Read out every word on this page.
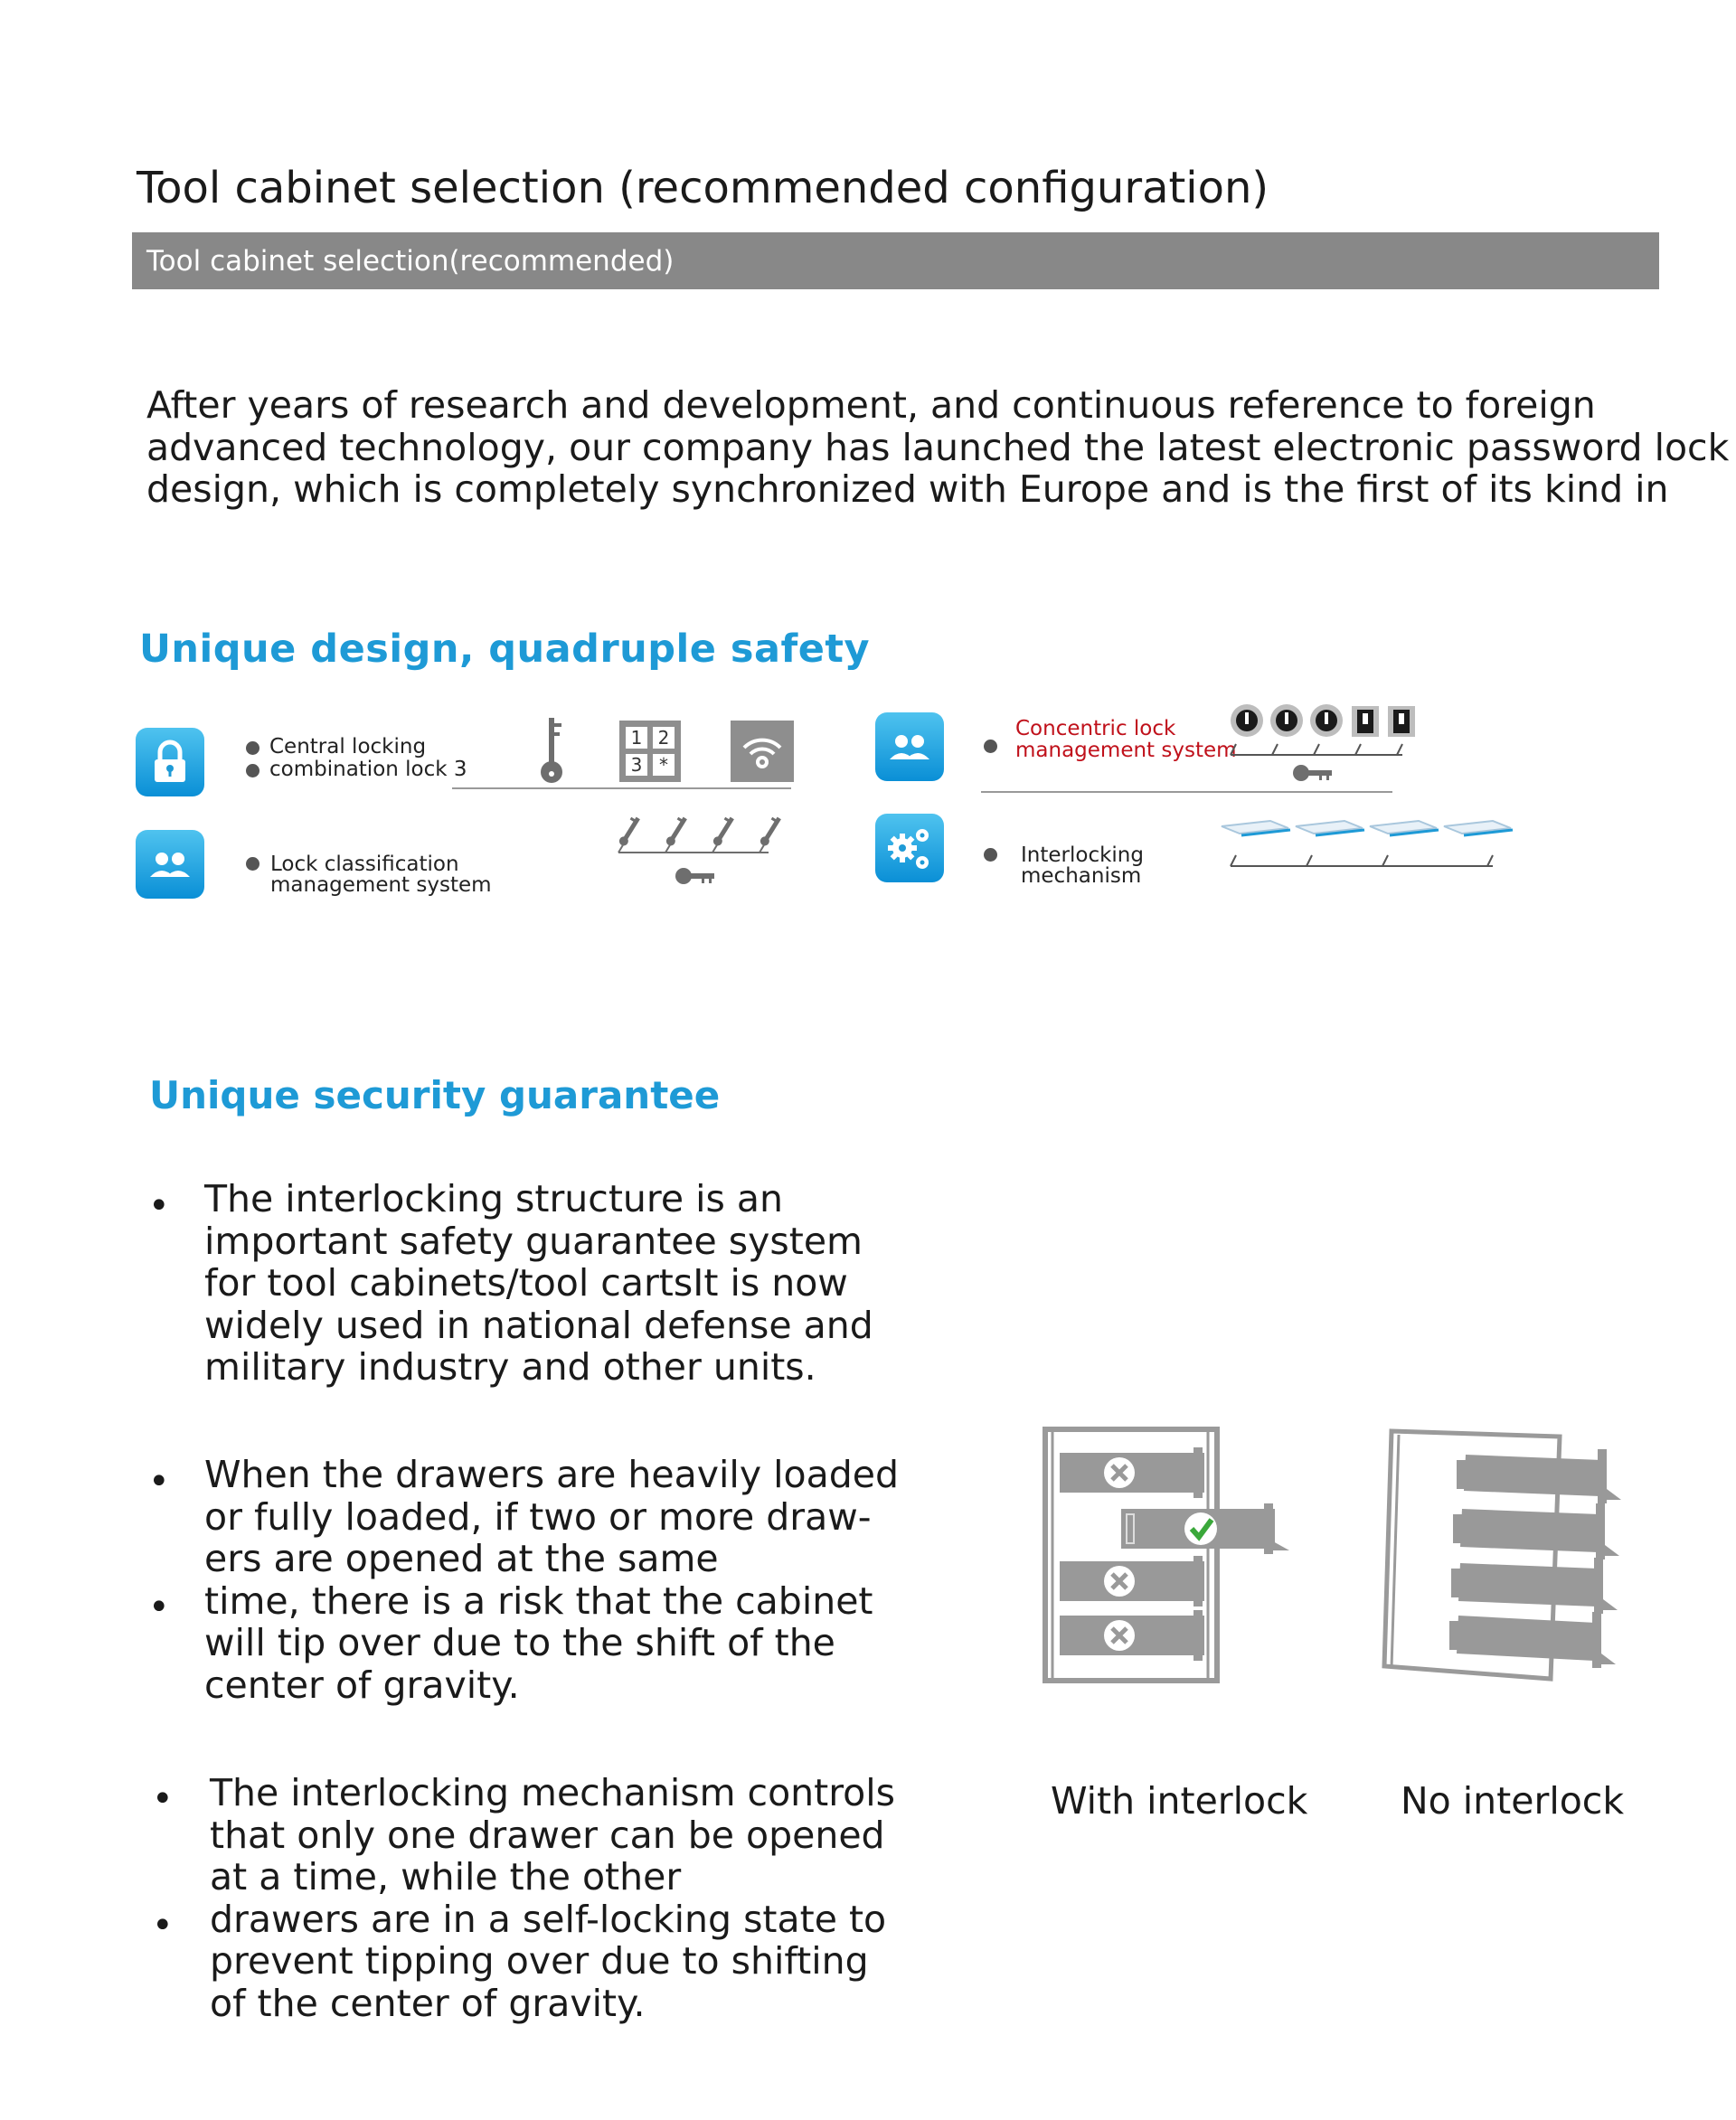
Tool cabinet selection (recommended configuration)
Tool cabinet selection(recommended)
After years of research and development, and continuous reference to foreign
advanced technology, our company has launched the latest electronic password lock
design, which is completely synchronized with Europe and is the first of its kind in
Unique design, quadruple safety
Central locking
combination lock 3
1 2
3 *
Lock classification
management system
Concentric lock
management system
Interlocking
mechanism
Unique security guarantee
• The interlocking structure is an
important safety guarantee system
for tool cabinets/tool cartsIt is now
widely used in national defense and
military industry and other units.
•
•
When the drawers are heavily loaded
or fully loaded, if two or more draw-
ers are opened at the same
time, there is a risk that the cabinet
will tip over due to the shift of the
center of gravity.
•
•
The interlocking mechanism controls
that only one drawer can be opened
at a time, while the other
drawers are in a self-locking state to
prevent tipping over due to shifting
of the center of gravity.
With interlock	No interlock
